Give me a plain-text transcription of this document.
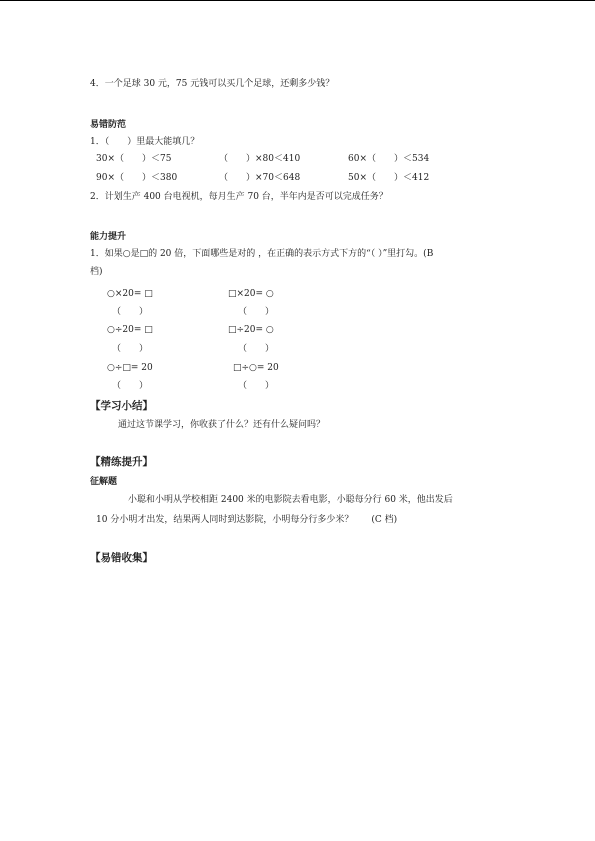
4．一个足球 30 元，75 元钱可以买几个足球，还剩多少钱？
易错防范
1．（　　）里最大能填几？
30×（　　）＜75	（　　）×80＜410	60×（　　）＜534
90×（　　）＜380	（　　）×70＜648	50×（　　）＜412
2．计划生产 400 台电视机，每月生产 70 台，半年内是否可以完成任务？
能力提升
1．如果○是□的 20 倍，下面哪些是对的 ，在正确的表示方式下方的“（ ）”里打勾。(B
档)
○×20= □	□×20= ○
（　　）	（　　）
○÷20= □	□÷20= ○
（　　）	（　　）
○÷□= 20	□÷○= 20
（　　）	（　　）
【学习小结】
通过这节课学习，你收获了什么？还有什么疑问吗？
【精练提升】
征解题
小聪和小明从学校相距 2400 米的电影院去看电影，小聪每分行 60 米，他出发后
10 分小明才出发，结果两人同时到达影院，小明每分行多少米？　　(C 档)
【易错收集】
